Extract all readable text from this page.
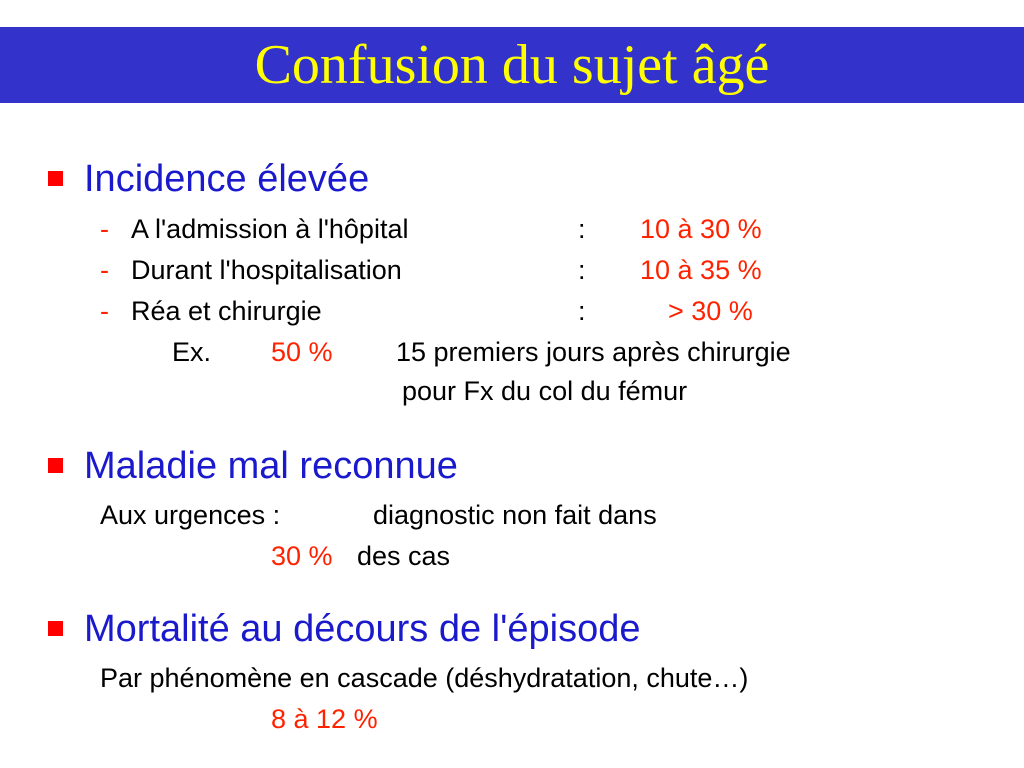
Confusion du sujet âgé
Incidence élevée
- A l'admission à l'hôpital	: 10 à 30 %
- Durant l'hospitalisation	: 10 à 35 %
- Réa et chirurgie	:	> 30 %
Ex. 50 % 15 premiers jours après chirurgie
pour Fx du col du fémur
Maladie mal reconnue
Aux urgences :	diagnostic non fait dans
30 % des cas
Mortalité au décours de l'épisode
Par phénomène en cascade (déshydratation, chute…)
8 à 12 %
